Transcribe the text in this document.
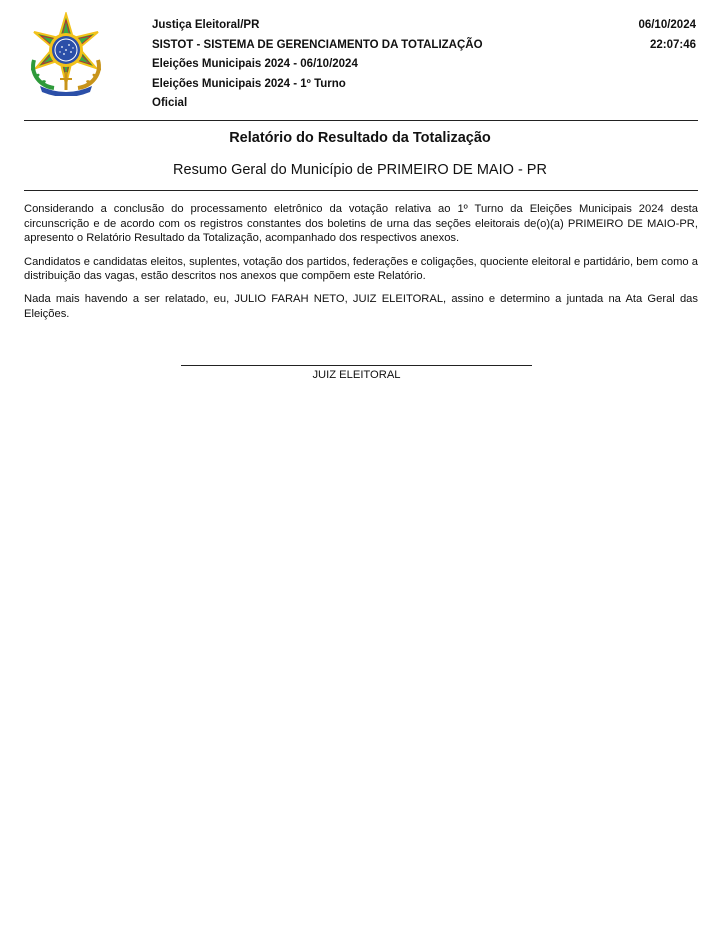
Justiça Eleitoral/PR
SISTOT - SISTEMA DE GERENCIAMENTO DA TOTALIZAÇÃO
Eleições Municipais 2024 - 06/10/2024
Eleições Municipais 2024 - 1º Turno
Oficial
06/10/2024
22:07:46
Relatório do Resultado da Totalização
Resumo Geral do Município de PRIMEIRO DE MAIO - PR

Considerando a conclusão do processamento eletrônico da votação relativa ao 1º Turno da Eleições Municipais 2024 desta circunscrição e de acordo com os registros constantes dos boletins de urna das seções eleitorais de(o)(a) PRIMEIRO DE MAIO-PR, apresento o Relatório Resultado da Totalização, acompanhado dos respectivos anexos.

Candidatos e candidatas eleitos, suplentes, votação dos partidos, federações e coligações, quociente eleitoral e partidário, bem como a distribuição das vagas, estão descritos nos anexos que compõem este Relatório.

Nada mais havendo a ser relatado, eu, JULIO FARAH NETO, JUIZ ELEITORAL, assino e determino a juntada na Ata Geral das Eleições.

JUIZ ELEITORAL
